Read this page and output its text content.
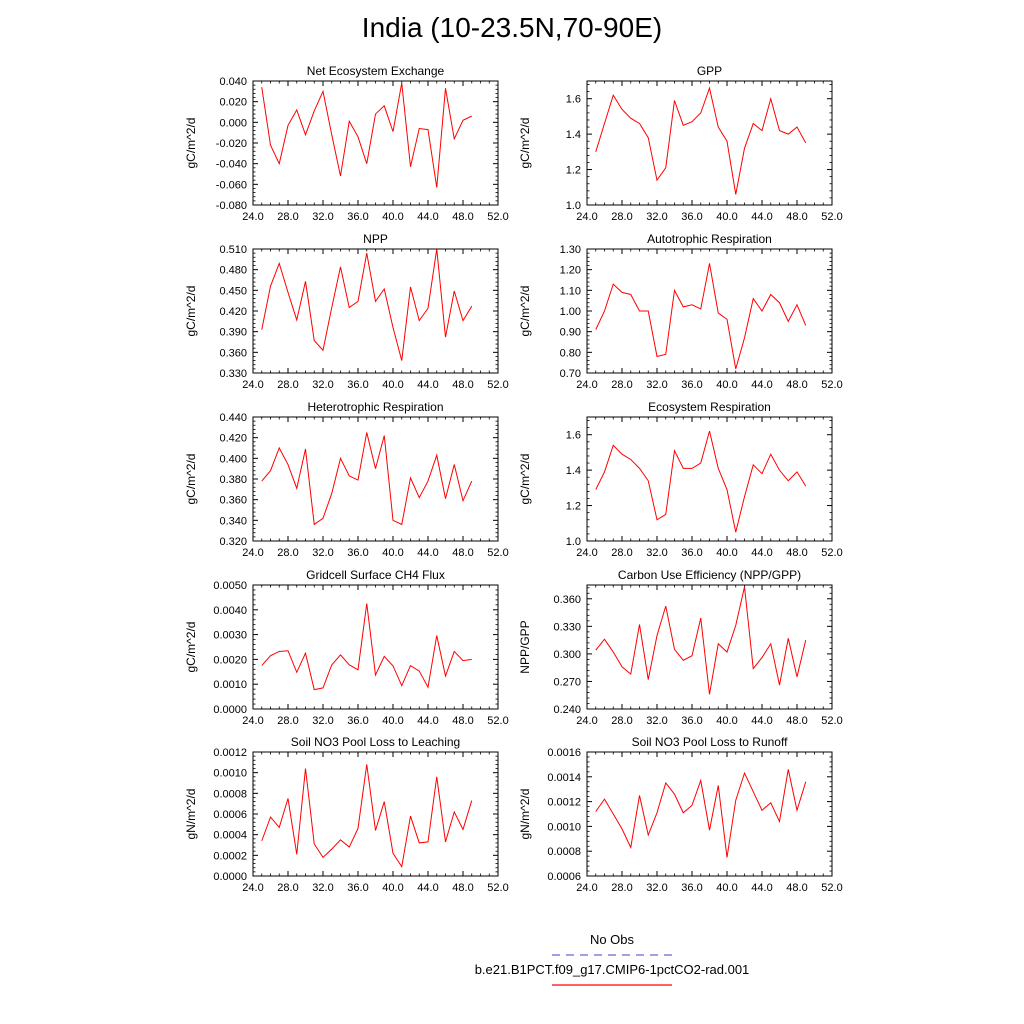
India (10-23.5N,70-90E)
24.0 28.0 32.0 36.0 40.0 44.0 48.0 52.0
-0.080
-0.060
-0.040
-0.020
0.000
0.020
0.040
Net Ecosystem Exchange
gC/m^2/d
24.0 28.0 32.0 36.0 40.0 44.0 48.0 52.0
1.0
1.2
1.4
1.6
GPP
gC/m^2/d
24.0 28.0 32.0 36.0 40.0 44.0 48.0 52.0
0.330
0.360
0.390
0.420
0.450
0.480
0.510
NPP
gC/m^2/d
24.0 28.0 32.0 36.0 40.0 44.0 48.0 52.0
0.70
0.80
0.90
1.00
1.10
1.20
1.30
Autotrophic Respiration
gC/m^2/d
24.0 28.0 32.0 36.0 40.0 44.0 48.0 52.0
0.320
0.340
0.360
0.380
0.400
0.420
0.440
Heterotrophic Respiration
gC/m^2/d
24.0 28.0 32.0 36.0 40.0 44.0 48.0 52.0
1.0
1.2
1.4
1.6
Ecosystem Respiration
gC/m^2/d
24.0 28.0 32.0 36.0 40.0 44.0 48.0 52.0
0.0000
0.0010
0.0020
0.0030
0.0040
0.0050
Gridcell Surface CH4 Flux
gC/m^2/d
24.0 28.0 32.0 36.0 40.0 44.0 48.0 52.0
0.240
0.270
0.300
0.330
0.360
Carbon Use Efficiency (NPP/GPP)
NPP/GPP
24.0 28.0 32.0 36.0 40.0 44.0 48.0 52.0
0.0000
0.0002
0.0004
0.0006
0.0008
0.0010
0.0012
Soil NO3 Pool Loss to Leaching
gN/m^2/d
24.0 28.0 32.0 36.0 40.0 44.0 48.0 52.0
0.0006
0.0008
0.0010
0.0012
0.0014
0.0016
Soil NO3 Pool Loss to Runoff
gN/m^2/d
No Obs
b.e21.B1PCT.f09_g17.CMIP6-1pctCO2-rad.001
